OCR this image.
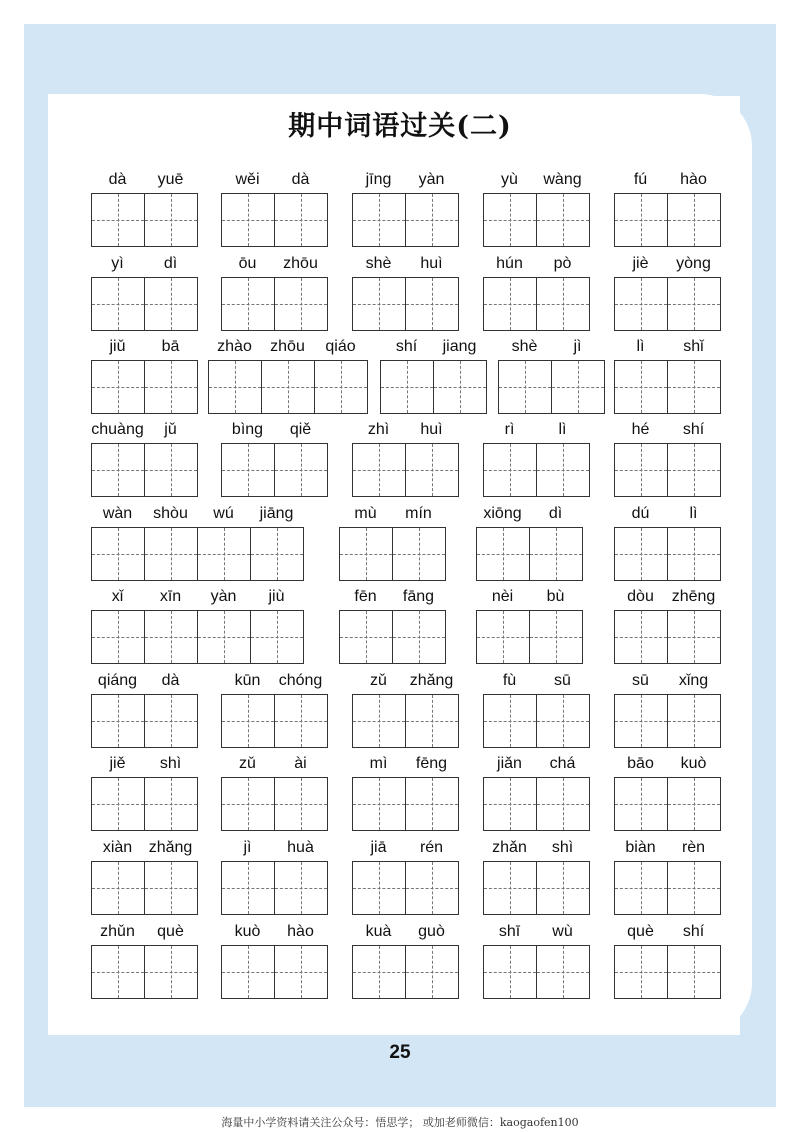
期中词语过关(二)
dà	yuē	wěi	dà	jīng	yàn	yù	wàng	fú	hào
yì	dì	ōu	zhōu	shè	huì	hún	pò	jiè	yòng
jiǔ	bā	zhào	zhōu	qiáo	shí	jiang	shè	jì	lì	shǐ
chuàng	jǔ	bìng	qiě	zhì	huì	rì	lì	hé	shí
wàn	shòu	wú	jiāng	mù	mín	xiōng	dì	dú	lì
xǐ	xīn	yàn	jiù	fēn	fāng	nèi	bù	dòu	zhēng
qiáng	dà	kūn	chóng	zǔ	zhǎng	fù	sū	sū	xǐng
jiě	shì	zǔ	ài	mì	fēng	jiǎn	chá	bāo	kuò
xiàn	zhǎng	jì	huà	jiā	rén	zhǎn	shì	biàn	rèn
zhǔn	què	kuò	hào	kuà	guò	shī	wù	què	shí
25
海量中小学资料请关注公众号：悟思学； 或加老师微信：kaogaofen100
